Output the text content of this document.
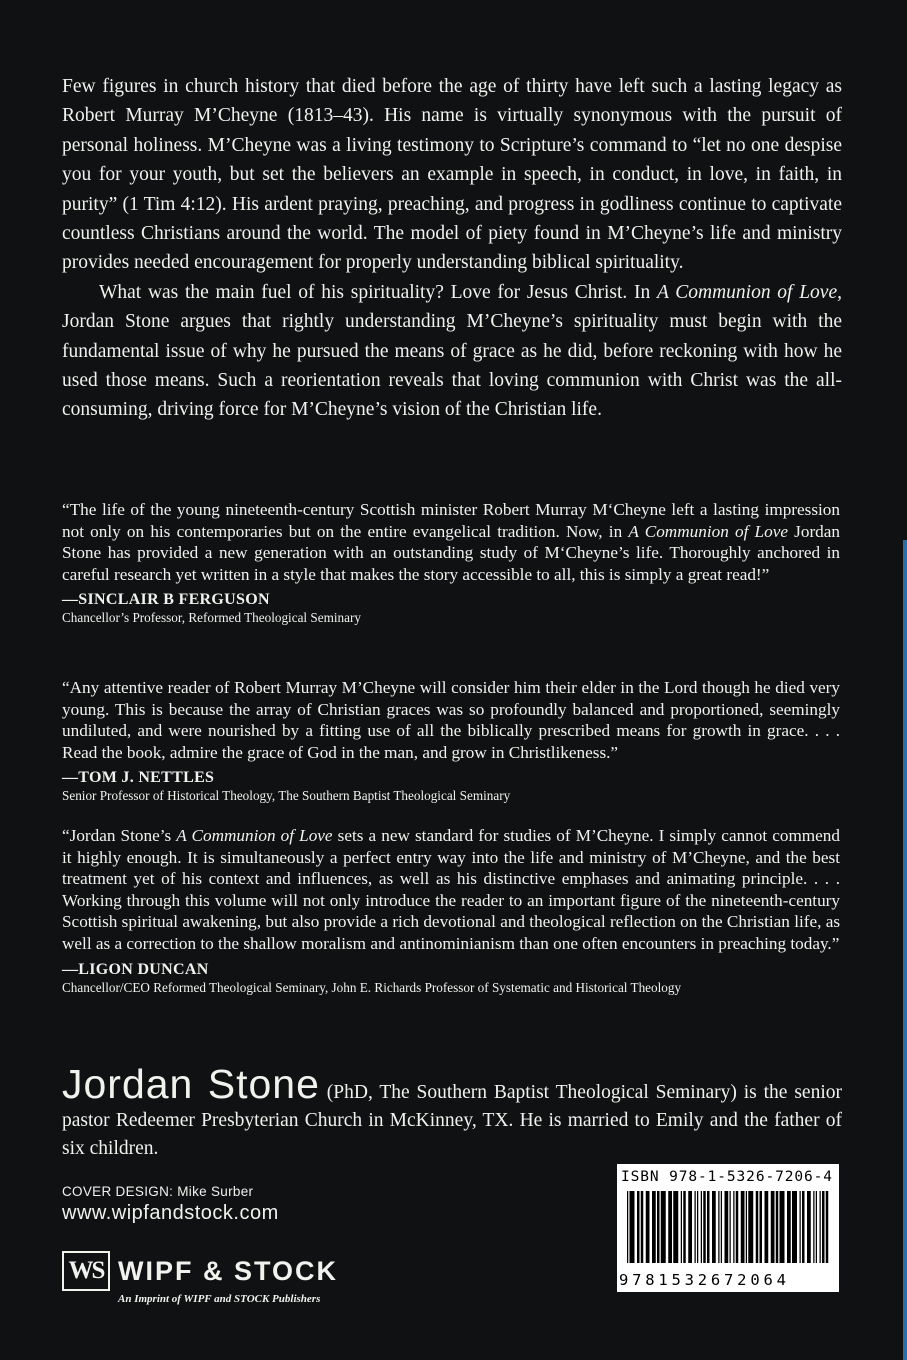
Few figures in church history that died before the age of thirty have left such a lasting legacy as Robert Murray M’Cheyne (1813–43). His name is virtually synonymous with the pursuit of personal holiness. M’Cheyne was a living testimony to Scripture’s command to “let no one despise you for your youth, but set the believers an example in speech, in conduct, in love, in faith, in purity” (1 Tim 4:12). His ardent praying, preaching, and progress in godliness continue to captivate countless Christians around the world. The model of piety found in M’Cheyne’s life and ministry provides needed encouragement for properly understanding biblical spirituality.

What was the main fuel of his spirituality? Love for Jesus Christ. In A Communion of Love, Jordan Stone argues that rightly understanding M’Cheyne’s spirituality must begin with the fundamental issue of why he pursued the means of grace as he did, before reckoning with how he used those means. Such a reorientation reveals that loving communion with Christ was the all-consuming, driving force for M’Cheyne’s vision of the Christian life.

“The life of the young nineteenth-century Scottish minister Robert Murray M‘Cheyne left a lasting impression not only on his contemporaries but on the entire evangelical tradition. Now, in A Communion of Love Jordan Stone has provided a new generation with an outstanding study of M‘Cheyne’s life. Thoroughly anchored in careful research yet written in a style that makes the story accessible to all, this is simply a great read!”

—SINCLAIR B FERGUSON

Chancellor’s Professor, Reformed Theological Seminary

“Any attentive reader of Robert Murray M’Cheyne will consider him their elder in the Lord though he died very young. This is because the array of Christian graces was so profoundly balanced and proportioned, seemingly undiluted, and were nourished by a fitting use of all the biblically prescribed means for growth in grace. . . . Read the book, admire the grace of God in the man, and grow in Christlikeness.”

—TOM J. NETTLES

Senior Professor of Historical Theology, The Southern Baptist Theological Seminary

“Jordan Stone’s A Communion of Love sets a new standard for studies of M’Cheyne. I simply cannot commend it highly enough. It is simultaneously a perfect entry way into the life and ministry of M’Cheyne, and the best treatment yet of his context and influences, as well as his distinctive emphases and animating principle. . . . Working through this volume will not only introduce the reader to an important figure of the nineteenth-century Scottish spiritual awakening, but also provide a rich devotional and theological reflection on the Christian life, as well as a correction to the shallow moralism and antinominianism than one often encounters in preaching today.”

—LIGON DUNCAN

Chancellor/CEO Reformed Theological Seminary, John E. Richards Professor of Systematic and Historical Theology

Jordan Stone (PhD, The Southern Baptist Theological Seminary) is the senior pastor Redeemer Presbyterian Church in McKinney, TX. He is married to Emily and the father of six children.
COVER DESIGN: Mike Surber
www.wipfandstock.com
WS WIPF & STOCK
An Imprint of WIPF and STOCK Publishers
ISBN 978-1-5326-7206-4
9781532672064
